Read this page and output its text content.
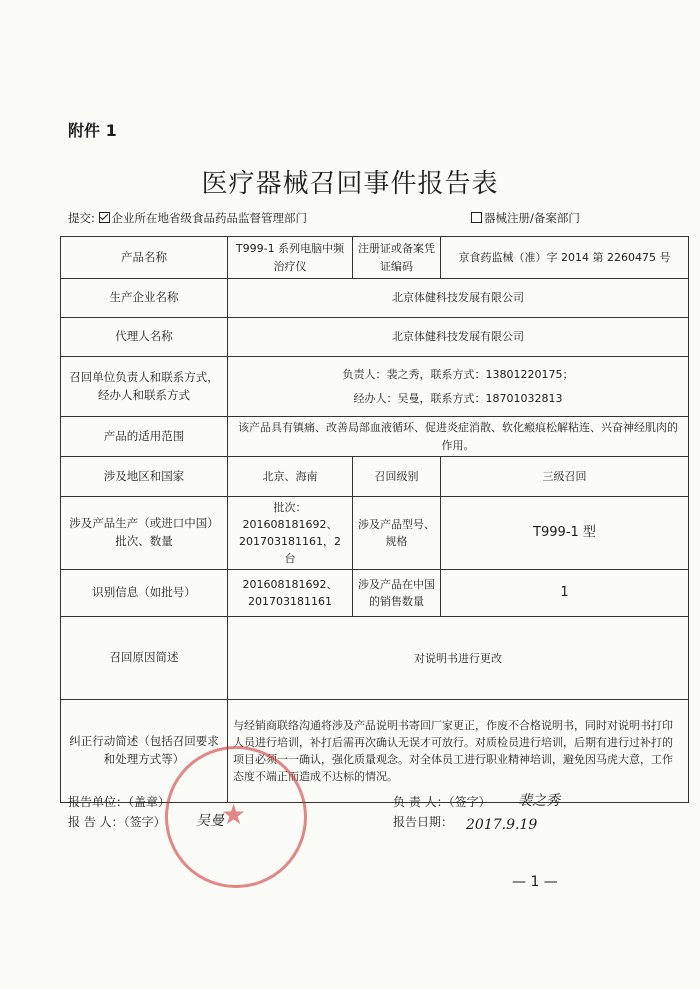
附件 1
医疗器械召回事件报告表
提交: 企业所在地省级食品药品监督管理部门	器械注册/备案部门
产品名称	T999-1 系列电脑中频治疗仪	注册证或备案凭证编码	京食药监械（准）字 2014 第 2260475 号
生产企业名称	北京体健科技发展有限公司		
代理人名称	北京体健科技发展有限公司		
召回单位负责人和联系方式，经办人和联系方式	负责人：裴之秀，联系方式：13801220175；
经办人：吴曼，联系方式：18701032813		

产品的适用范围	该产品具有镇痛、改善局部血液循环、促进炎症消散、软化瘢痕松解粘连、兴奋神经肌肉的作用。		
涉及地区和国家	北京、海南	召回级别	三级召回
涉及产品生产（或进口中国）批次、数量	批次：201608181692、201703181161，2 台	涉及产品型号、规格	T999-1 型
识别信息（如批号）	201608181692、201703181161	涉及产品在中国的销售数量	1
召回原因简述	对说明书进行更改		
纠正行动简述（包括召回要求和处理方式等）	与经销商联络沟通将涉及产品说明书寄回厂家更正，作废不合格说明书，同时对说明书打印人员进行培训，补打后需再次确认无误才可放行。对质检员进行培训，后期有进行过补打的项目必须一一确认，强化质量观念。对全体员工进行职业精神培训，避免因马虎大意，工作态度不端正而造成不达标的情况。		
★
报告单位：（盖章）
报 告 人：（签字） 吴曼
负 责 人：（签字） 裴之秀
报告日期： 2017.9.19
— 1 —
